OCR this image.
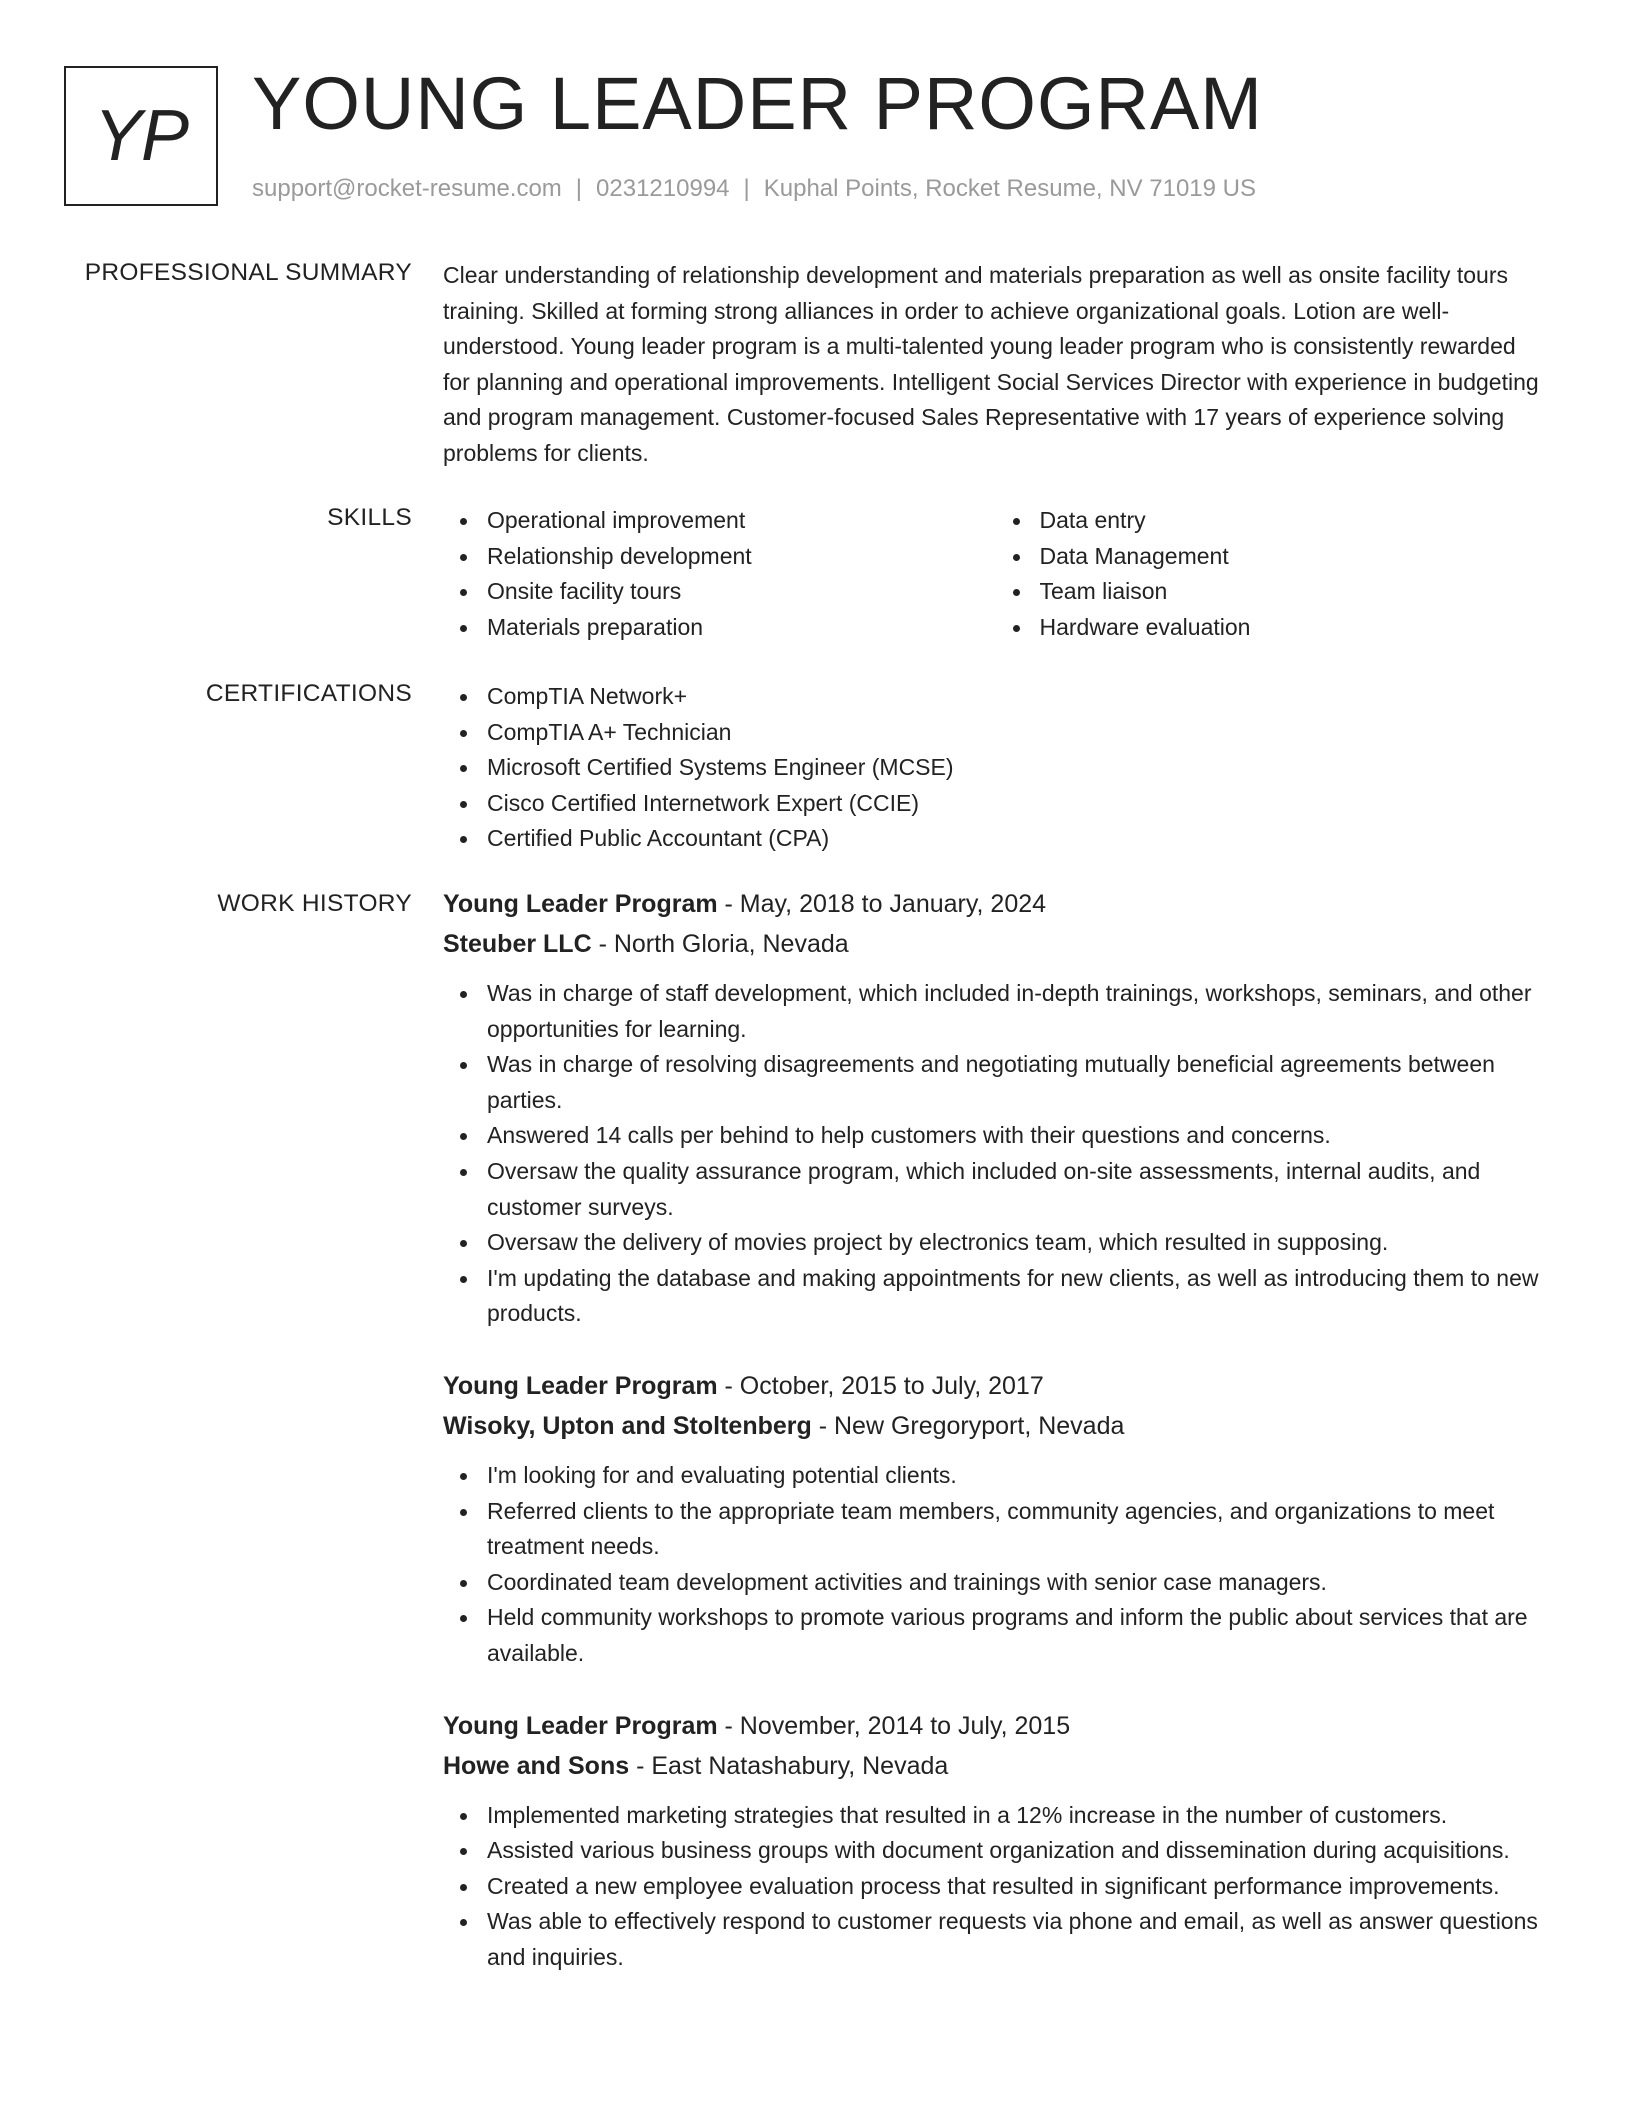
YP YOUNG LEADER PROGRAM
support@rocket-resume.com | 0231210994 | Kuphal Points, Rocket Resume, NV 71019 US
PROFESSIONAL SUMMARY Clear understanding of relationship development and materials preparation as well as onsite facility tours training. Skilled at forming strong alliances in order to achieve organizational goals. Lotion are well-understood. Young leader program is a multi-talented young leader program who is consistently rewarded for planning and operational improvements. Intelligent Social Services Director with experience in budgeting and program management. Customer-focused Sales Representative with 17 years of experience solving problems for clients.

SKILLS	Operational improvement
Relationship development
Onsite facility tours
Materials preparation
Data entry
Data Management
Team liaison
Hardware evaluation
CERTIFICATIONS	CompTIA Network+
CompTIA A+ Technician
Microsoft Certified Systems Engineer (MCSE)
Cisco Certified Internetwork Expert (CCIE)
Certified Public Accountant (CPA)
WORK HISTORY Young Leader Program - May, 2018 to January, 2024
Steuber LLC - North Gloria, Nevada
Was in charge of staff development, which included in-depth trainings, workshops, seminars, and other opportunities for learning.
Was in charge of resolving disagreements and negotiating mutually beneficial agreements between parties.
Answered 14 calls per behind to help customers with their questions and concerns.
Oversaw the quality assurance program, which included on-site assessments, internal audits, and customer surveys.
Oversaw the delivery of movies project by electronics team, which resulted in supposing.
I'm updating the database and making appointments for new clients, as well as introducing them to new products.
Young Leader Program - October, 2015 to July, 2017
Wisoky, Upton and Stoltenberg - New Gregoryport, Nevada
I'm looking for and evaluating potential clients.
Referred clients to the appropriate team members, community agencies, and organizations to meet treatment needs.
Coordinated team development activities and trainings with senior case managers.
Held community workshops to promote various programs and inform the public about services that are available.
Young Leader Program - November, 2014 to July, 2015
Howe and Sons - East Natashabury, Nevada
Implemented marketing strategies that resulted in a 12% increase in the number of customers.
Assisted various business groups with document organization and dissemination during acquisitions.
Created a new employee evaluation process that resulted in significant performance improvements.
Was able to effectively respond to customer requests via phone and email, as well as answer questions and inquiries.
